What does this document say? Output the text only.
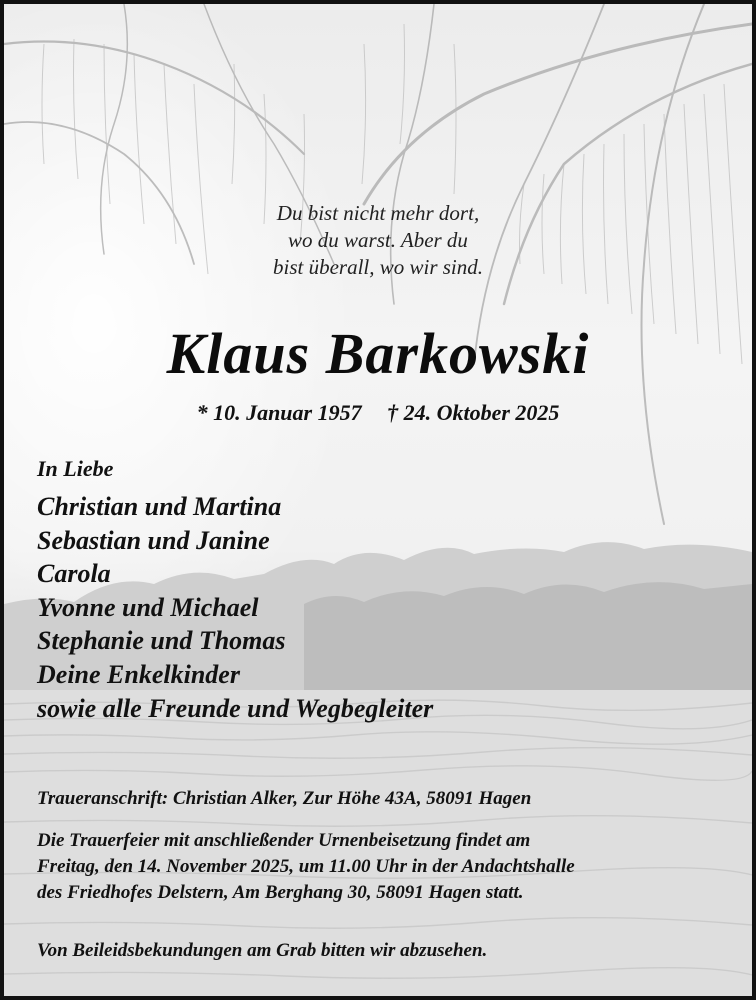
Du bist nicht mehr dort,
wo du warst. Aber du
bist überall, wo wir sind.
Klaus Barkowski
* 10. Januar 1957 † 24. Oktober 2025
In Liebe
Christian und Martina
Sebastian und Janine
Carola
Yvonne und Michael
Stephanie und Thomas
Deine Enkelkinder
sowie alle Freunde und Wegbegleiter
Traueranschrift: Christian Alker, Zur Höhe 43A, 58091 Hagen
Die Trauerfeier mit anschließender Urnenbeisetzung findet am
Freitag, den 14. November 2025, um 11.00 Uhr in der Andachtshalle
des Friedhofes Delstern, Am Berghang 30, 58091 Hagen statt.
Von Beileidsbekundungen am Grab bitten wir abzusehen.
